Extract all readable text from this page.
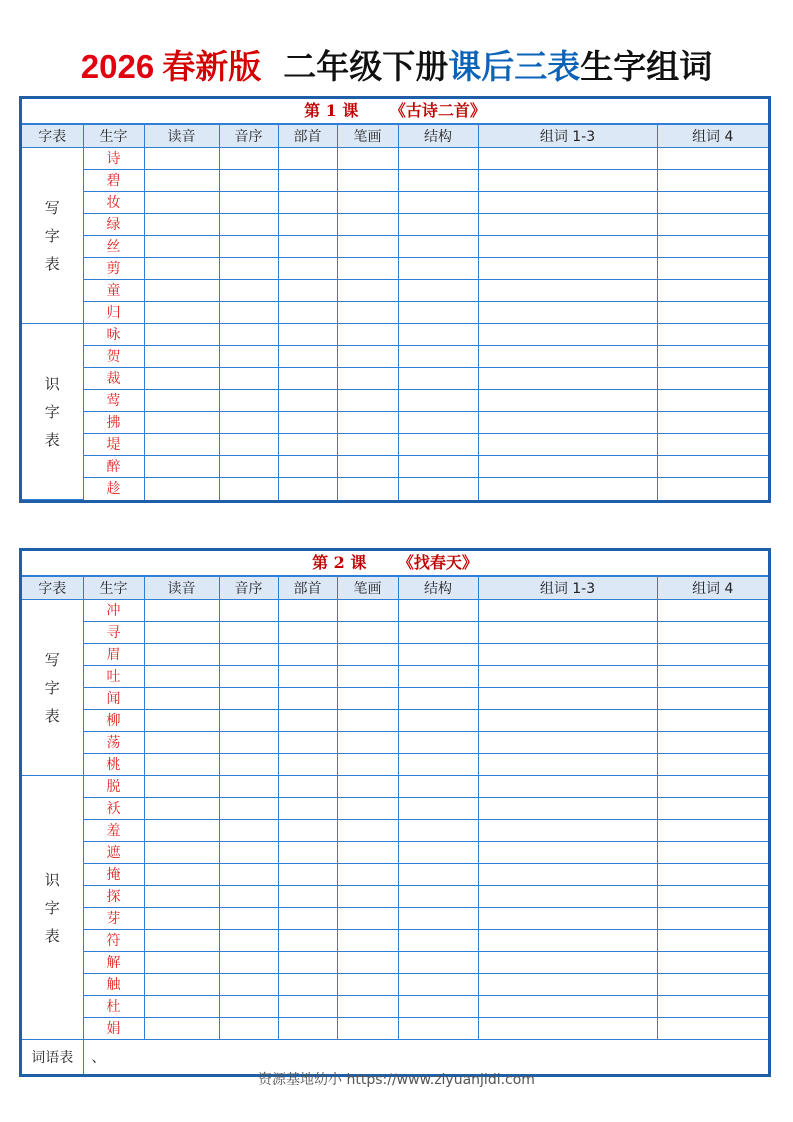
2026 春新版 二年级下册课后三表生字组词
第 1 课 《古诗二首》
字表	生字	读音	音序	部首	笔画	结构	组词 1-3	组词 4

写
字
表	诗							
	碧							
	妆							
	绿							
	丝							
	剪							
	童							
	归							

识
字
表	咏							
	贺							
	裁							
	莺							
	拂							
	堤							
	醉							
	趁							
第 2 课 《找春天》
字表	生字	读音	音序	部首	笔画	结构	组词 1-3	组词 4

写
字
表	冲							
	寻							
	眉							
	吐							
	闻							
	柳							
	荡							
	桃							

识
字
表	脱							
	袄							
	羞							
	遮							
	掩							
	探							
	芽							
	符							
	解							
	触							
	杜							
	娟							
词语表	、							
资源基地幼小 https://www.ziyuanjidi.com
